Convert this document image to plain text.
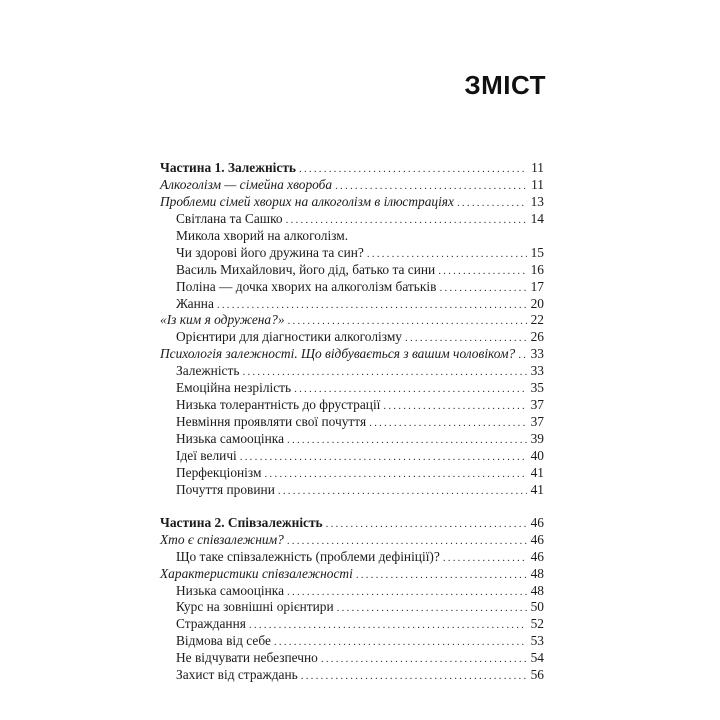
ЗМІСТ
Частина 1. Залежність .....	11
Алкоголізм — сімейна хвороба .....	11
Проблеми сімей хворих на алкоголізм в ілюстраціях .....	13
Світлана та Сашко .....	14
Микола хворий на алкоголізм.
Чи здорові його дружина та син? .....	15
Василь Михайлович, його дід, батько та сини .....	16
Поліна — дочка хворих на алкоголізм батьків .....	17
Жанна .....	20
«Із ким я одружена?» .....	22
Орієнтири для діагностики алкоголізму .....	26
Психологія залежності. Що відбувається з вашим чоловіком? ..... 33
Залежність .....	33
Емоційна незрілість .....	35
Низька толерантність до фрустрації .....	37
Невміння проявляти свої почуття .....	37
Низька самооцінка .....	39
Ідеї величі .....	40
Перфекціонізм .....	41
Почуття провини .....	41
Частина 2. Співзалежність .....	46
Хто є співзалежним? .....	46
Що таке співзалежність (проблеми дефініції)? .....	46
Характеристики співзалежності .....	48
Низька самооцінка .....	48
Курс на зовнішні орієнтири .....	50
Страждання .....	52
Відмова від себе .....	53
Не відчувати небезпечно .....	54
Захист від страждань .....	56
